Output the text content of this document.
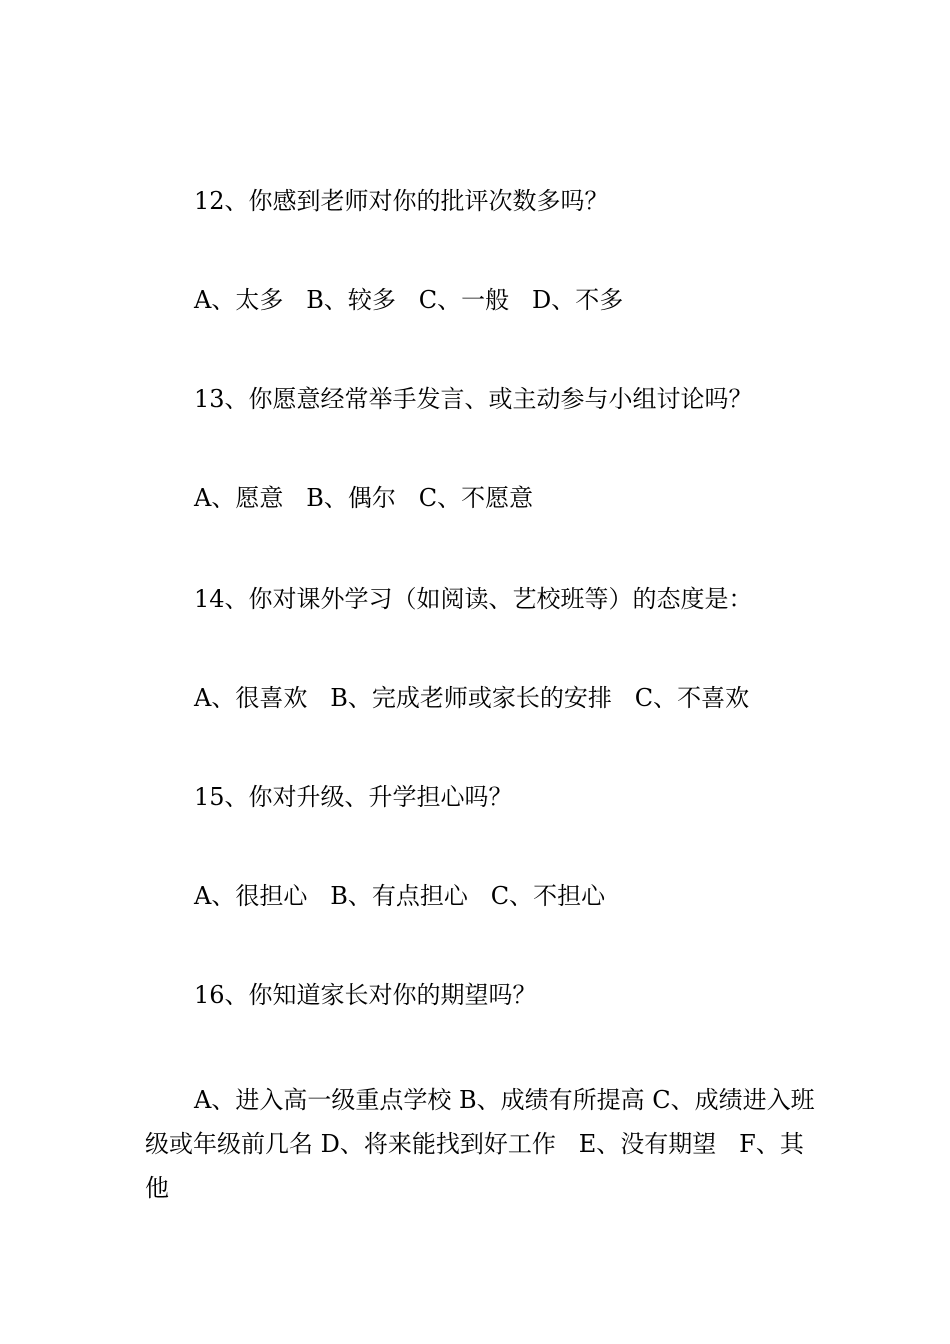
12、你感到老师对你的批评次数多吗？
A、太多   B、较多   C、一般   D、不多
13、你愿意经常举手发言、或主动参与小组讨论吗？
A、愿意   B、偶尔   C、不愿意
14、你对课外学习（如阅读、艺校班等）的态度是：
A、很喜欢   B、完成老师或家长的安排   C、不喜欢
15、你对升级、升学担心吗？
A、很担心   B、有点担心   C、不担心
16、你知道家长对你的期望吗？
A、进入高一级重点学校 B、成绩有所提高 C、成绩进入班
级或年级前几名 D、将来能找到好工作   E、没有期望   F、其
他
